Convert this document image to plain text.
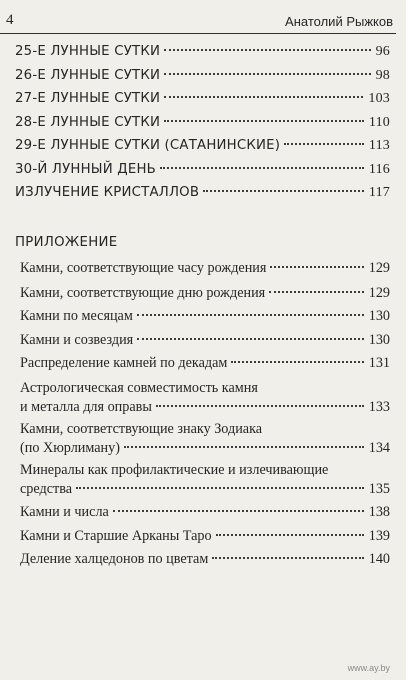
4	Анатолий Рыжков
25-Е ЛУННЫЕ СУТКИ	96
26-Е ЛУННЫЕ СУТКИ	98
27-Е ЛУННЫЕ СУТКИ	103
28-Е ЛУННЫЕ СУТКИ	110
29-Е ЛУННЫЕ СУТКИ (САТАНИНСКИЕ)	113
30-Й ЛУННЫЙ ДЕНЬ	116
ИЗЛУЧЕНИЕ КРИСТАЛЛОВ	117
ПРИЛОЖЕНИЕ
Камни, соответствующие часу рождения	129
Камни, соответствующие дню рождения	129
Камни по месяцам	130
Камни и созвездия	130
Распределение камней по декадам	131
Астрологическая совместимость камня
и металла для оправы	133
Камни, соответствующие знаку Зодиака
(по Хюрлиману)	134
Минералы как профилактические и излечивающие
средства	135
Камни и числа	138
Камни и Старшие Арканы Таро	139
Деление халцедонов по цветам	140
www.ay.by
